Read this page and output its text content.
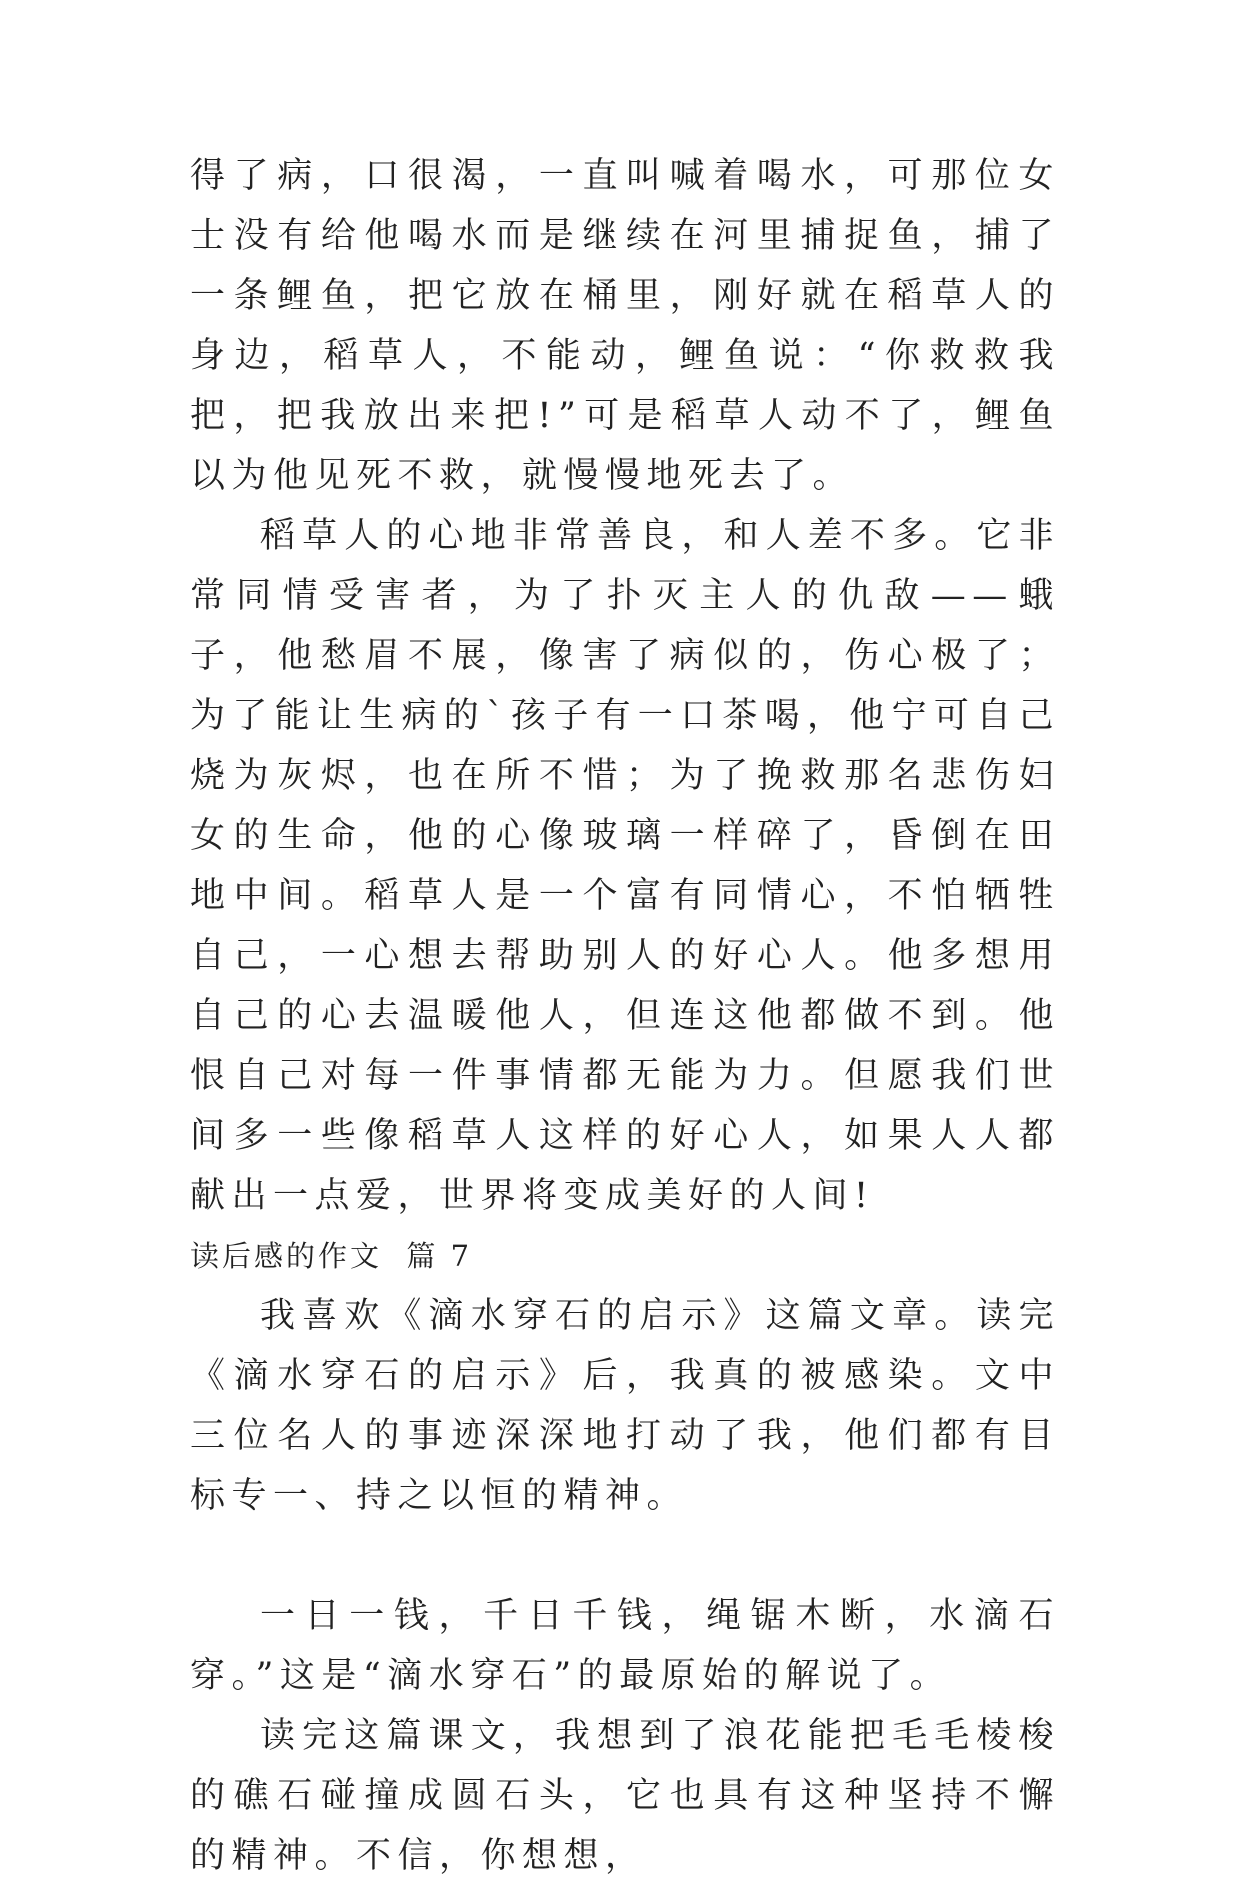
得了病，口很渴，一直叫喊着喝水，可那位女士没有给他喝水而是继续在河里捕捉鱼，捕了一条鲤鱼，把它放在桶里，刚好就在稻草人的身边，稻草人，不能动，鲤鱼说：“你救救我把，把我放出来把!”可是稻草人动不了，鲤鱼以为他见死不救，就慢慢地死去了。

稻草人的心地非常善良，和人差不多。它非常同情受害者，为了扑灭主人的仇敌——蛾子，他愁眉不展，像害了病似的，伤心极了；为了能让生病的`孩子有一口茶喝，他宁可自己烧为灰烬，也在所不惜；为了挽救那名悲伤妇女的生命，他的心像玻璃一样碎了，昏倒在田地中间。稻草人是一个富有同情心，不怕牺牲自己，一心想去帮助别人的好心人。他多想用自己的心去温暖他人，但连这他都做不到。他恨自己对每一件事情都无能为力。但愿我们世间多一些像稻草人这样的好心人，如果人人都献出一点爱，世界将变成美好的人间!

读后感的作文  篇 7

我喜欢《滴水穿石的启示》这篇文章。读完《滴水穿石的启示》后，我真的被感染。文中三位名人的事迹深深地打动了我，他们都有目标专一、持之以恒的精神。

一日一钱，千日千钱，绳锯木断，水滴石穿。”这是“滴水穿石”的最原始的解说了。

读完这篇课文，我想到了浪花能把毛毛棱梭的礁石碰撞成圆石头，它也具有这种坚持不懈的精神。不信，你想想，
